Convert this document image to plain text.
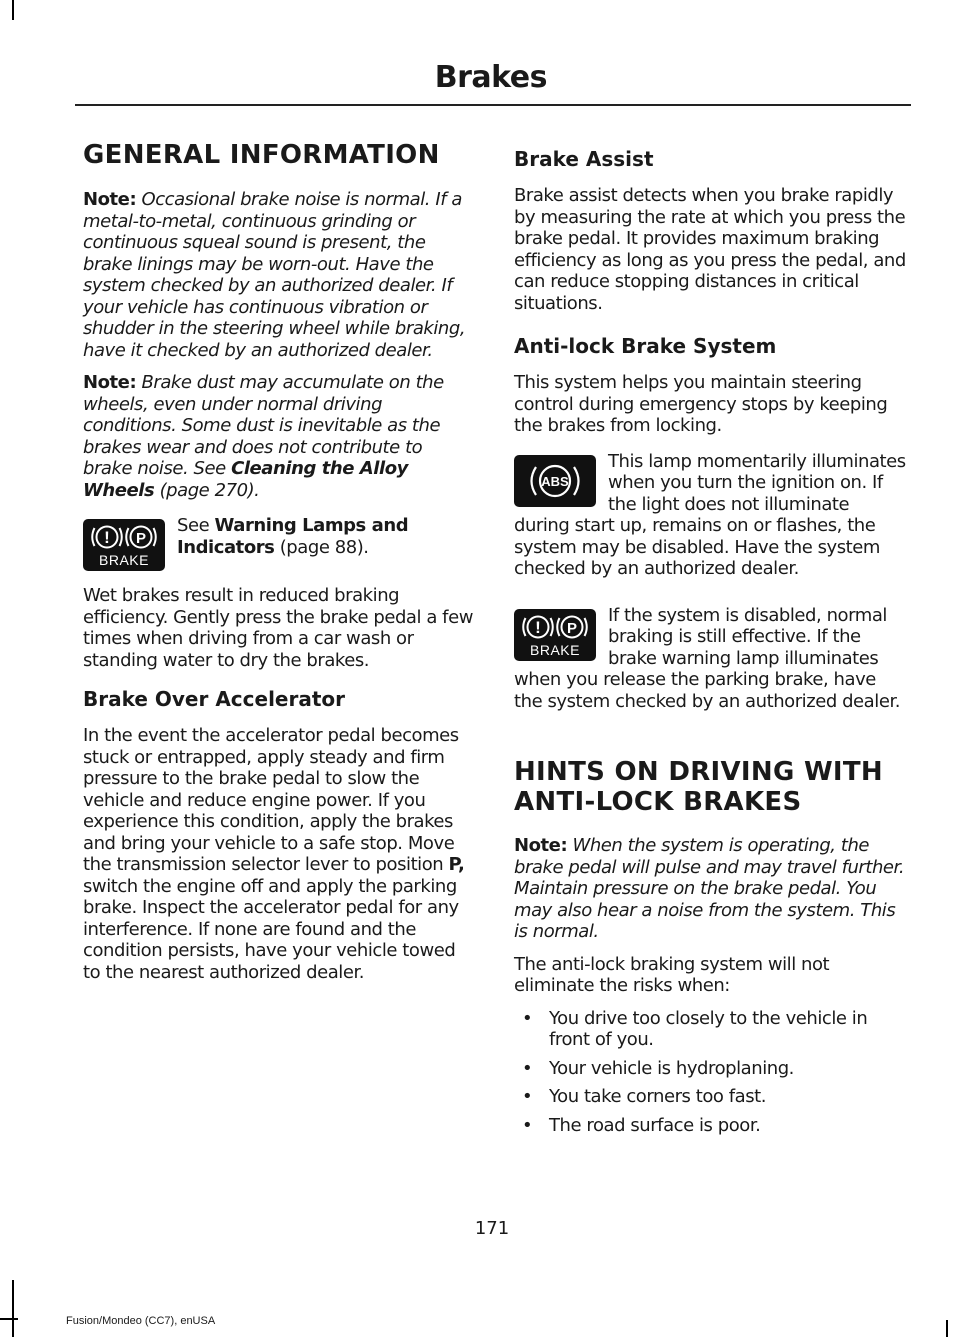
Brakes
GENERAL INFORMATION

Note: Occasional brake noise is normal. If a metal-to-metal, continuous grinding or continuous squeal sound is present, the brake linings may be worn-out. Have the system checked by an authorized dealer. If your vehicle has continuous vibration or shudder in the steering wheel while braking, have it checked by an authorized dealer.

Note: Brake dust may accumulate on the wheels, even under normal driving conditions. Some dust is inevitable as the brakes wear and does not contribute to brake noise. See Cleaning the Alloy Wheels (page 270).

! P
BRAKE

See Warning Lamps and Indicators (page 88).

Wet brakes result in reduced braking efficiency. Gently press the brake pedal a few times when driving from a car wash or standing water to dry the brakes.

Brake Over Accelerator

In the event the accelerator pedal becomes stuck or entrapped, apply steady and firm pressure to the brake pedal to slow the vehicle and reduce engine power. If you experience this condition, apply the brakes and bring your vehicle to a safe stop. Move the transmission selector lever to position P, switch the engine off and apply the parking brake. Inspect the accelerator pedal for any interference. If none are found and the condition persists, have your vehicle towed to the nearest authorized dealer.

Brake Assist

Brake assist detects when you brake rapidly by measuring the rate at which you press the brake pedal. It provides maximum braking efficiency as long as you press the pedal, and can reduce stopping distances in critical situations.

Anti-lock Brake System

This system helps you maintain steering control during emergency stops by keeping the brakes from locking.

ABS

This lamp momentarily illuminates when you turn the ignition on. If the light does not illuminate during start up, remains on or flashes, the system may be disabled. Have the system checked by an authorized dealer.

! P
BRAKE

If the system is disabled, normal braking is still effective. If the brake warning lamp illuminates when you release the parking brake, have the system checked by an authorized dealer.

HINTS ON DRIVING WITH
ANTI-LOCK BRAKES

Note: When the system is operating, the brake pedal will pulse and may travel further. Maintain pressure on the brake pedal. You may also hear a noise from the system. This is normal.

The anti-lock braking system will not eliminate the risks when:

• You drive too closely to the vehicle in front of you.
• Your vehicle is hydroplaning.
• You take corners too fast.
• The road surface is poor.
171
Fusion/Mondeo (CC7), enUSA
